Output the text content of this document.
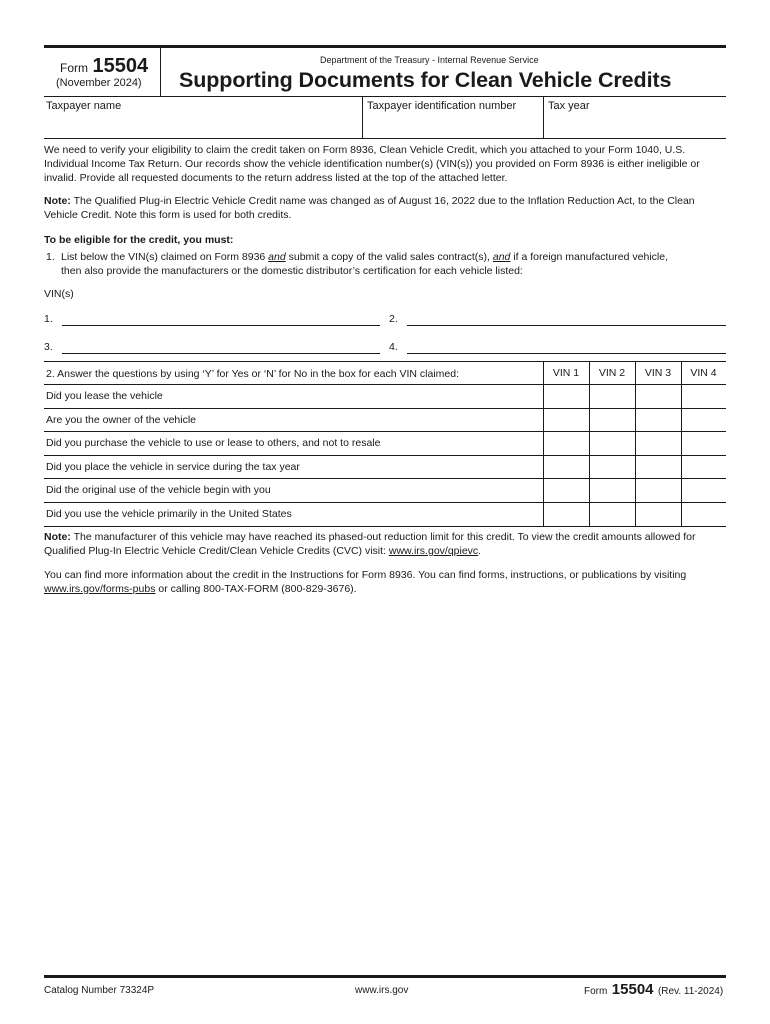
Form 15504
(November 2024)
Department of the Treasury - Internal Revenue Service
Supporting Documents for Clean Vehicle Credits
Taxpayer name	Taxpayer identification number	Tax year
We need to verify your eligibility to claim the credit taken on Form 8936, Clean Vehicle Credit, which you attached to your Form 1040, U.S. Individual Income Tax Return. Our records show the vehicle identification number(s) (VIN(s)) you provided on Form 8936 is either ineligible or invalid. Provide all requested documents to the return address listed at the top of the attached letter.
Note: The Qualified Plug-in Electric Vehicle Credit name was changed as of August 16, 2022 due to the Inflation Reduction Act, to the Clean Vehicle Credit. Note this form is used for both credits.
To be eligible for the credit, you must:
1. List below the VIN(s) claimed on Form 8936 and submit a copy of the valid sales contract(s), and if a foreign manufactured vehicle,
then also provide the manufacturers or the domestic distributor’s certification for each vehicle listed:
VIN(s)
1.	2.
3.	4.
2. Answer the questions by using ‘Y’ for Yes or ‘N’ for No in the box for each VIN claimed:	VIN 1	VIN 2	VIN 3	VIN 4
Did you lease the vehicle
Are you the owner of the vehicle
Did you purchase the vehicle to use or lease to others, and not to resale
Did you place the vehicle in service during the tax year
Did the original use of the vehicle begin with you
Did you use the vehicle primarily in the United States
Note: The manufacturer of this vehicle may have reached its phased-out reduction limit for this credit. To view the credit amounts allowed for Qualified Plug-In Electric Vehicle Credit/Clean Vehicle Credits (CVC) visit: www.irs.gov/qpievc.
You can find more information about the credit in the Instructions for Form 8936. You can find forms, instructions, or publications by visiting www.irs.gov/forms-pubs or calling 800-TAX-FORM (800-829-3676).
Catalog Number 73324P	www.irs.gov	Form 15504 (Rev. 11-2024)
